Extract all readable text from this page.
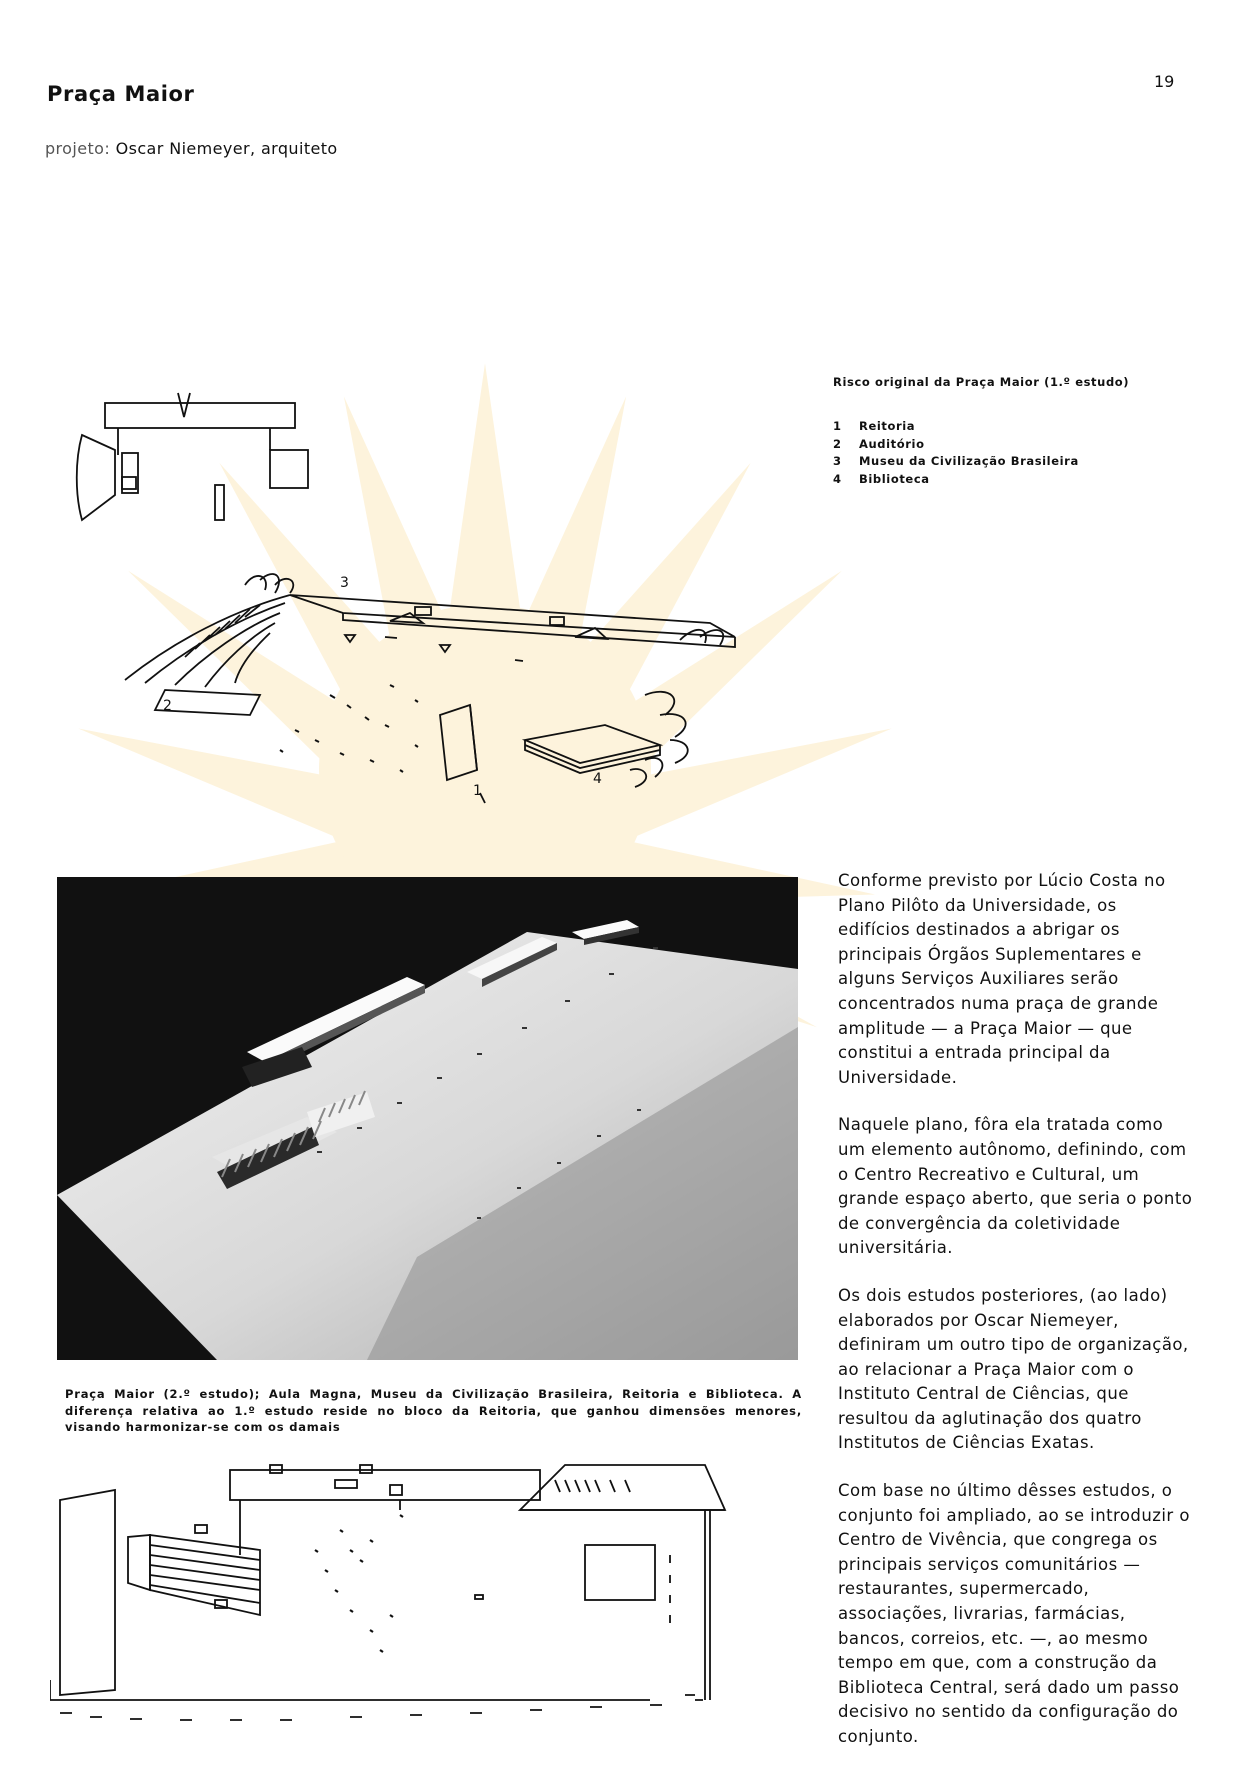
Praça Maior
19
projeto: Oscar Niemeyer, arquiteto
3
2
1
4
Risco original da Praça Maior (1.º estudo)
1 Reitoria
2 Auditório
3 Museu da Civilização Brasileira
4 Biblioteca
Praça Maior (2.º estudo); Aula Magna, Museu da Civilização Brasileira, Reitoria e Biblioteca. A diferença relativa ao 1.º estudo reside no bloco da Reitoria, que ganhou dimensões menores, visando harmonizar-se com os damais

Conforme previsto por Lúcio Costa no Plano Pilôto da Universidade, os edifícios destinados a abrigar os principais Órgãos Suplementares e alguns Serviços Auxiliares serão concentrados numa praça de grande amplitude — a Praça Maior — que constitui a entrada principal da Universidade.

Naquele plano, fôra ela tratada como um elemento autônomo, definindo, com o Centro Recreativo e Cultural, um grande espaço aberto, que seria o ponto de convergência da coletividade universitária.

Os dois estudos posteriores, (ao lado) elaborados por Oscar Niemeyer, definiram um outro tipo de organização, ao relacionar a Praça Maior com o Instituto Central de Ciências, que resultou da aglutinação dos quatro Institutos de Ciências Exatas.

Com base no último dêsses estudos, o conjunto foi ampliado, ao se introduzir o Centro de Vivência, que congrega os principais serviços comunitários — restaurantes, supermercado, associações, livrarias, farmácias, bancos, correios, etc. —, ao mesmo tempo em que, com a construção da Biblioteca Central, será dado um passo decisivo no sentido da configuração do conjunto.
